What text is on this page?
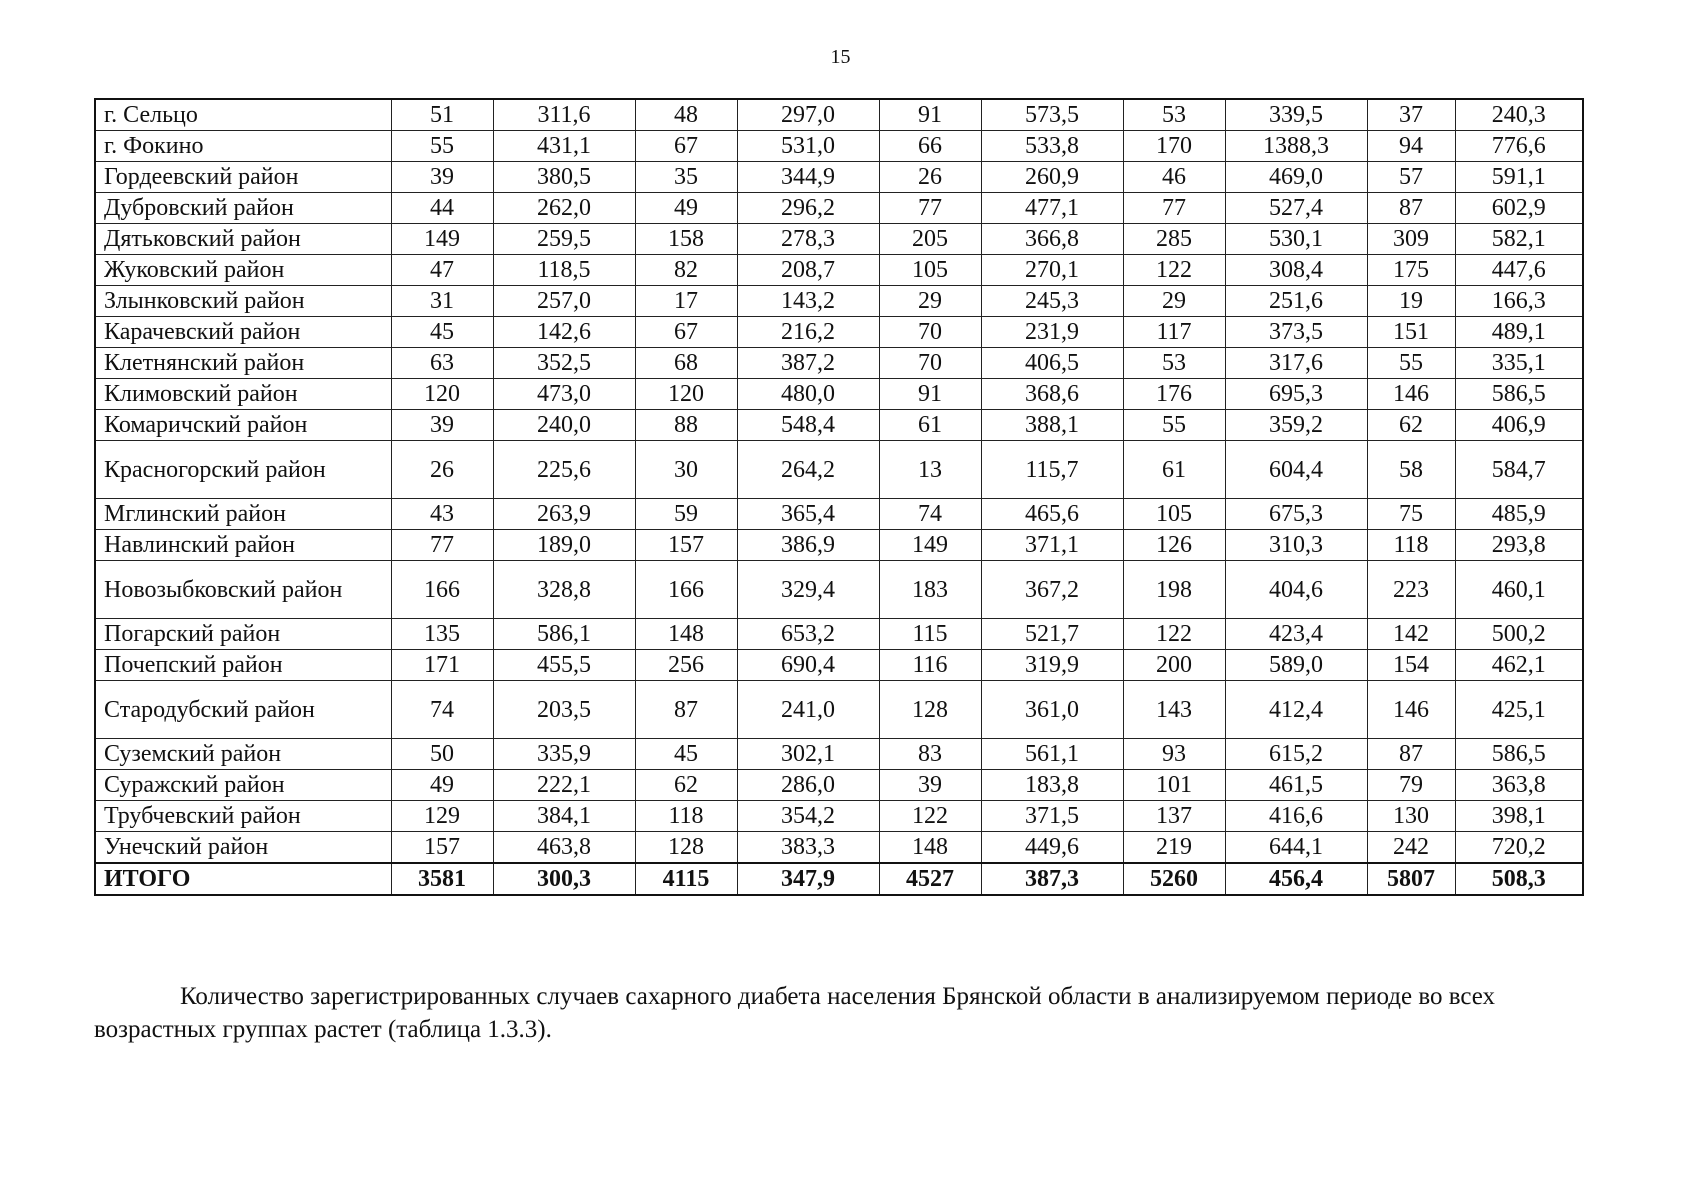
15
г. Сельцо	51	311,6	48	297,0	91	573,5	53	339,5	37	240,3
г. Фокино	55	431,1	67	531,0	66	533,8	170	1388,3	94	776,6
Гордеевский район	39	380,5	35	344,9	26	260,9	46	469,0	57	591,1
Дубровский район	44	262,0	49	296,2	77	477,1	77	527,4	87	602,9
Дятьковский район	149	259,5	158	278,3	205	366,8	285	530,1	309	582,1
Жуковский район	47	118,5	82	208,7	105	270,1	122	308,4	175	447,6
Злынковский район	31	257,0	17	143,2	29	245,3	29	251,6	19	166,3
Карачевский район	45	142,6	67	216,2	70	231,9	117	373,5	151	489,1
Клетнянский район	63	352,5	68	387,2	70	406,5	53	317,6	55	335,1
Климовский район	120	473,0	120	480,0	91	368,6	176	695,3	146	586,5
Комаричский район	39	240,0	88	548,4	61	388,1	55	359,2	62	406,9
Красногорский район	26	225,6	30	264,2	13	115,7	61	604,4	58	584,7
Мглинский район	43	263,9	59	365,4	74	465,6	105	675,3	75	485,9
Навлинский район	77	189,0	157	386,9	149	371,1	126	310,3	118	293,8
Новозыбковский район	166	328,8	166	329,4	183	367,2	198	404,6	223	460,1
Погарский район	135	586,1	148	653,2	115	521,7	122	423,4	142	500,2
Почепский район	171	455,5	256	690,4	116	319,9	200	589,0	154	462,1
Стародубский район	74	203,5	87	241,0	128	361,0	143	412,4	146	425,1
Суземский район	50	335,9	45	302,1	83	561,1	93	615,2	87	586,5
Суражский район	49	222,1	62	286,0	39	183,8	101	461,5	79	363,8
Трубчевский район	129	384,1	118	354,2	122	371,5	137	416,6	130	398,1
Унечский район	157	463,8	128	383,3	148	449,6	219	644,1	242	720,2
ИТОГО	3581	300,3	4115	347,9	4527	387,3	5260	456,4	5807	508,3

Количество зарегистрированных случаев сахарного диабета населения Брянской области в анализируемом периоде во всех возрастных группах растет (таблица 1.3.3).
